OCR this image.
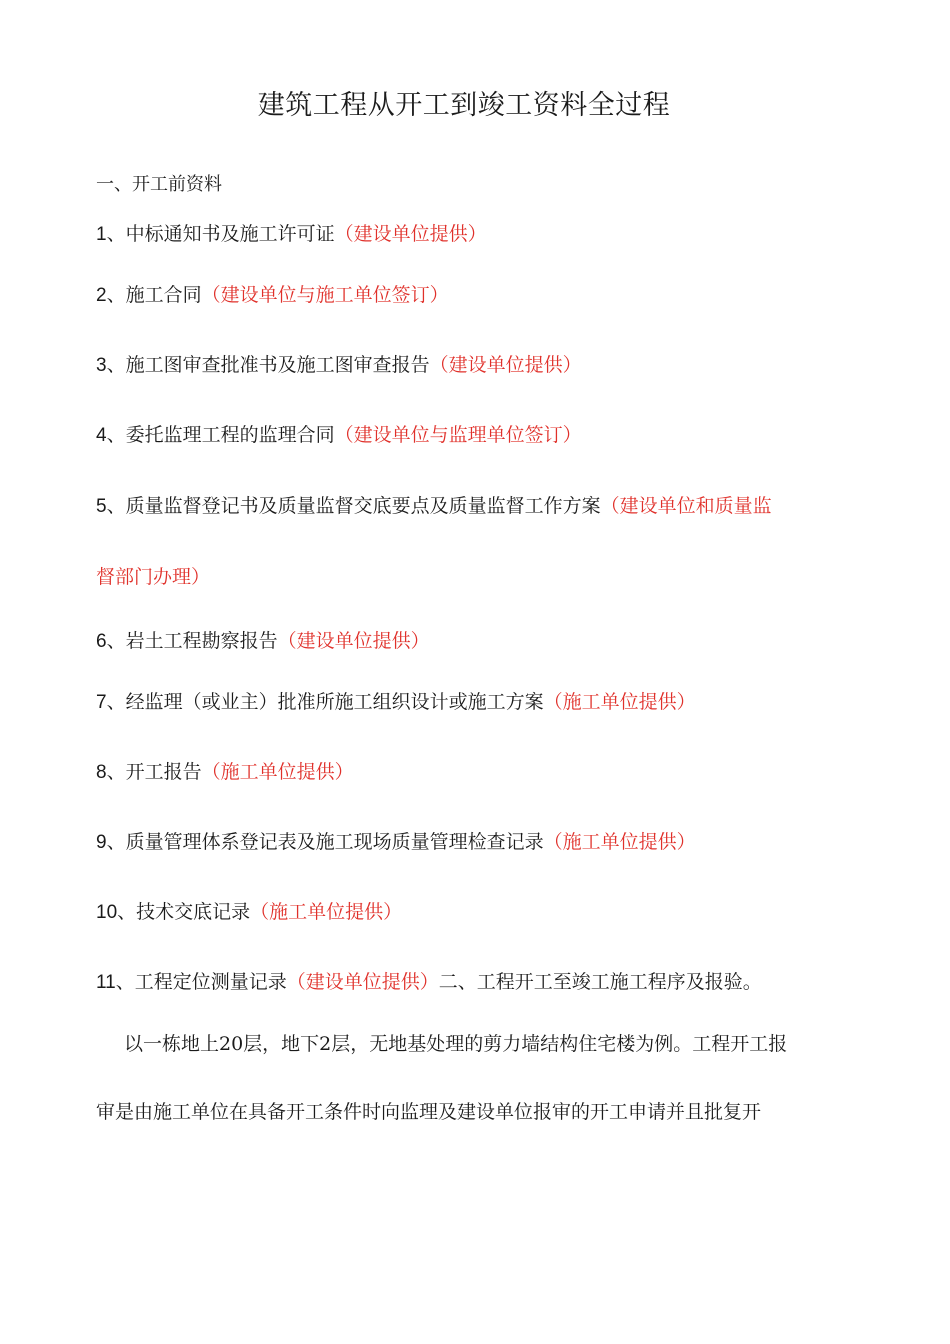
建筑工程从开工到竣工资料全过程
一、开工前资料
1、中标通知书及施工许可证（建设单位提供）
2、施工合同（建设单位与施工单位签订）
3、施工图审查批准书及施工图审查报告（建设单位提供）
4、委托监理工程的监理合同（建设单位与监理单位签订）
5、质量监督登记书及质量监督交底要点及质量监督工作方案（建设单位和质量监
督部门办理）
6、岩土工程勘察报告（建设单位提供）
7、经监理（或业主）批准所施工组织设计或施工方案（施工单位提供）
8、开工报告（施工单位提供）
9、质量管理体系登记表及施工现场质量管理检查记录（施工单位提供）
10、技术交底记录（施工单位提供）
11、工程定位测量记录（建设单位提供）二、工程开工至竣工施工程序及报验。
以一栋地上20层，地下2层，无地基处理的剪力墙结构住宅楼为例。工程开工报
审是由施工单位在具备开工条件时向监理及建设单位报审的开工申请并且批复开
